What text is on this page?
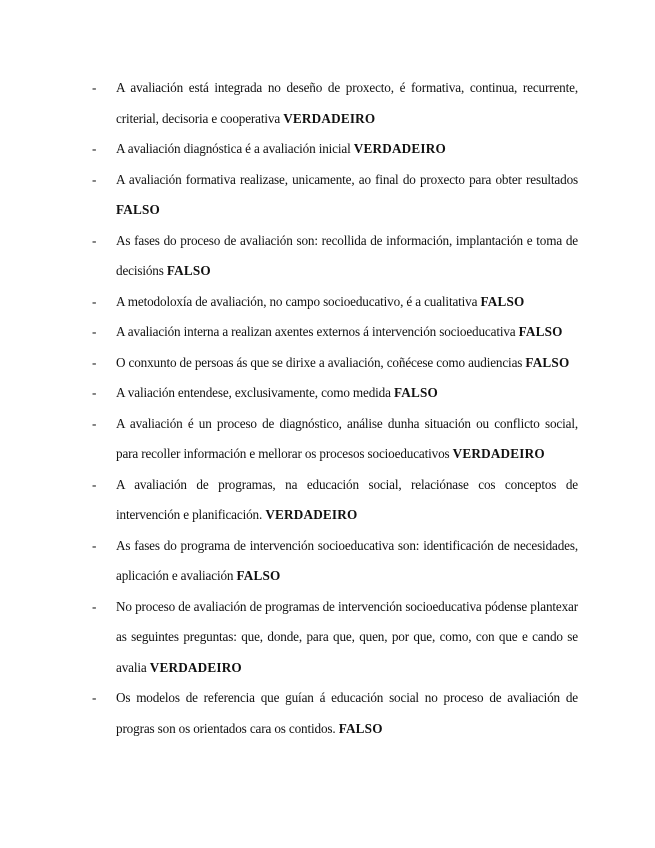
-	A avaliación está integrada no deseño de proxecto, é formativa, continua, recurrente, criterial, decisoria e cooperativa VERDADEIRO
-	A avaliación diagnóstica é a avaliación inicial VERDADEIRO
-	A avaliación formativa realizase, unicamente, ao final do proxecto para obter resultados FALSO
-	As fases do proceso de avaliación son: recollida de información, implantación e toma de decisións FALSO
-	A metodoloxía de avaliación, no campo socioeducativo, é a cualitativa FALSO
-	A avaliación interna a realizan axentes externos á intervención socioeducativa FALSO
-	O conxunto de persoas ás que se dirixe a avaliación, coñécese como audiencias FALSO
-	A valiación entendese, exclusivamente, como medida FALSO
-	A avaliación é un proceso de diagnóstico, análise dunha situación ou conflicto social, para recoller información e mellorar os procesos socioeducativos VERDADEIRO
-	A avaliación de programas, na educación social, relaciónase cos conceptos de intervención e planificación. VERDADEIRO
-	As fases do programa de intervención socioeducativa son: identificación de necesidades, aplicación e avaliación FALSO
-	No proceso de avaliación de programas de intervención socioeducativa pódense plantexar as seguintes preguntas: que, donde, para que, quen, por que, como, con que e cando se avalia VERDADEIRO
-	Os modelos de referencia que guían á educación social no proceso de avaliación de progras son os orientados cara os contidos. FALSO
